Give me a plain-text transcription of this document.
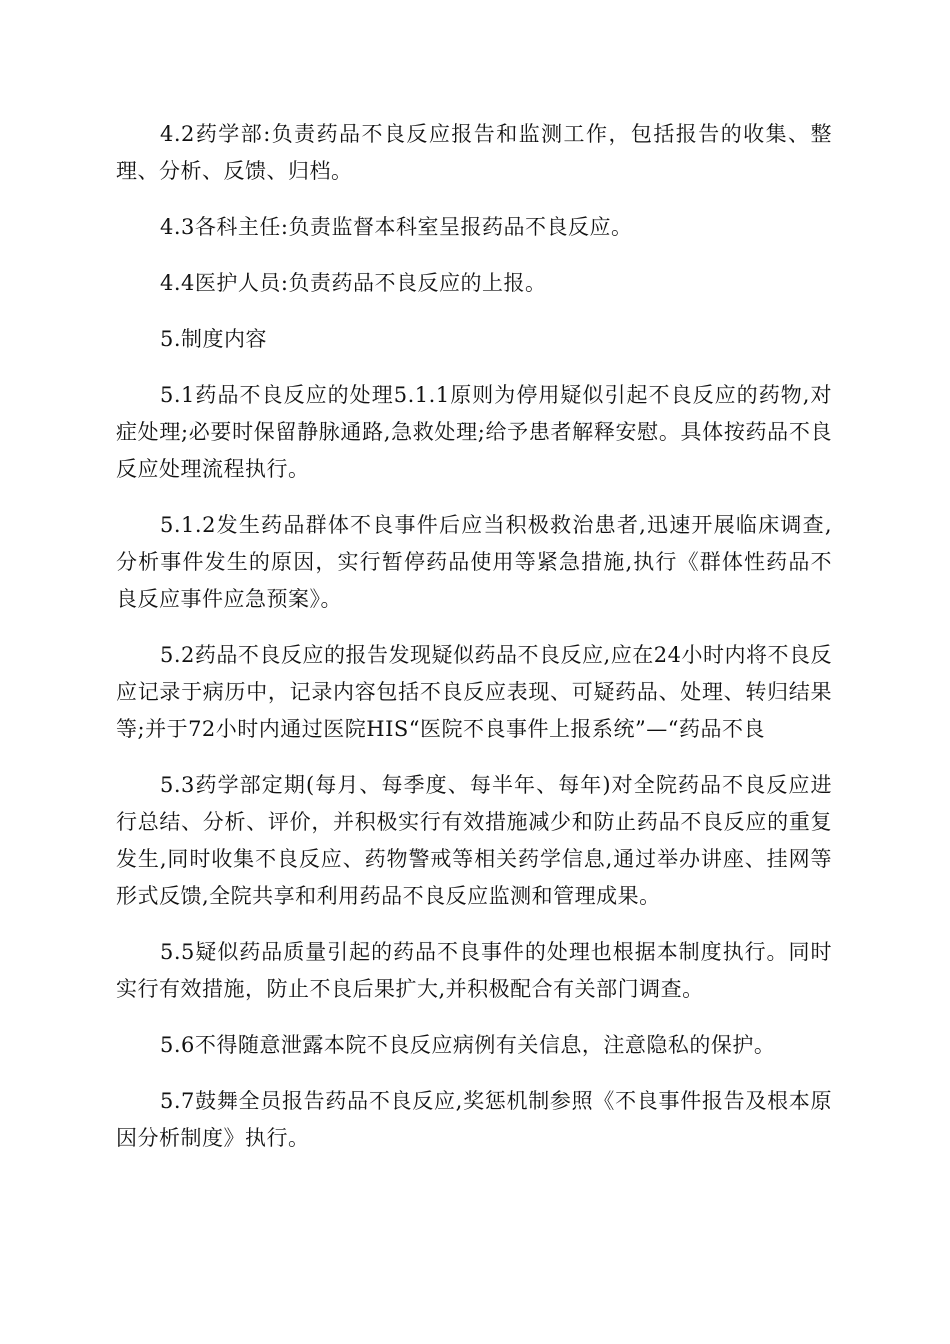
4.2药学部:负责药品不良反应报告和监测工作，包括报告的收集、整理、分析、反馈、归档。

4.3各科主任:负责监督本科室呈报药品不良反应。

4.4医护人员:负责药品不良反应的上报。

5.制度内容

5.1药品不良反应的处理5.1.1原则为停用疑似引起不良反应的药物,对症处理;必要时保留静脉通路,急救处理;给予患者解释安慰。具体按药品不良反应处理流程执行。

5.1.2发生药品群体不良事件后应当积极救治患者,迅速开展临床调查,分析事件发生的原因，实行暂停药品使用等紧急措施,执行《群体性药品不良反应事件应急预案》。

5.2药品不良反应的报告发现疑似药品不良反应,应在24小时内将不良反应记录于病历中，记录内容包括不良反应表现、可疑药品、处理、转归结果等;并于72小时内通过医院HIS“医院不良事件上报系统”—“药品不良

5.3药学部定期(每月、每季度、每半年、每年)对全院药品不良反应进行总结、分析、评价，并积极实行有效措施减少和防止药品不良反应的重复发生,同时收集不良反应、药物警戒等相关药学信息,通过举办讲座、挂网等形式反馈,全院共享和利用药品不良反应监测和管理成果。

5.5疑似药品质量引起的药品不良事件的处理也根据本制度执行。同时实行有效措施，防止不良后果扩大,并积极配合有关部门调查。

5.6不得随意泄露本院不良反应病例有关信息，注意隐私的保护。

5.7鼓舞全员报告药品不良反应,奖惩机制参照《不良事件报告及根本原因分析制度》执行。
